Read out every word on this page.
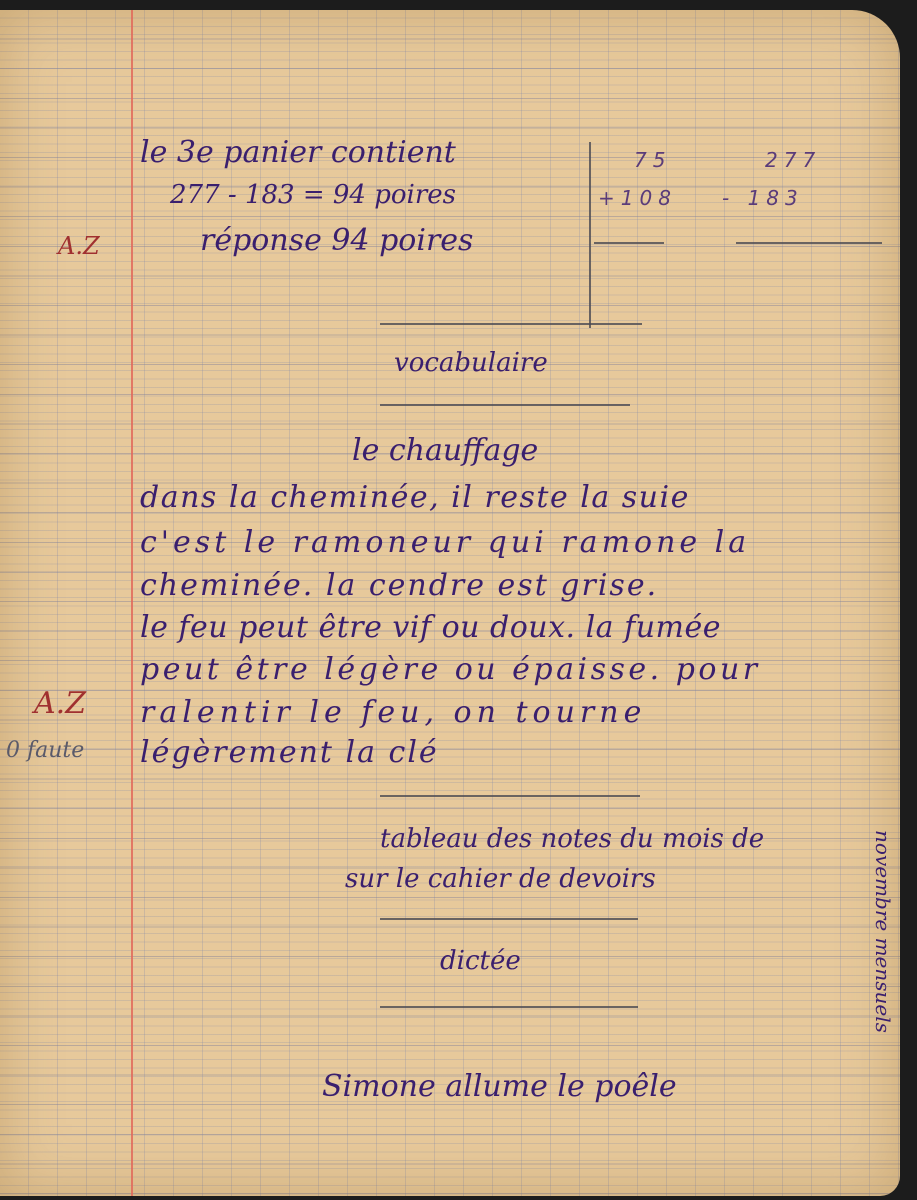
le 3e panier contient
277 - 183 = 94 poires
réponse 94 poires
75
+108
277
- 183
A.Z
vocabulaire
le chauffage
dans la cheminée, il reste la suie
c'est le ramoneur qui ramone la
cheminée. la cendre est grise.
le feu peut être vif ou doux. la fumée
peut être légère ou épaisse. pour
ralentir le feu, on tourne
légèrement la clé
A.Z
0 faute
tableau des notes du mois de
sur le cahier de devoirs	novembre mensuels
dictée
Simone allume le poêle
